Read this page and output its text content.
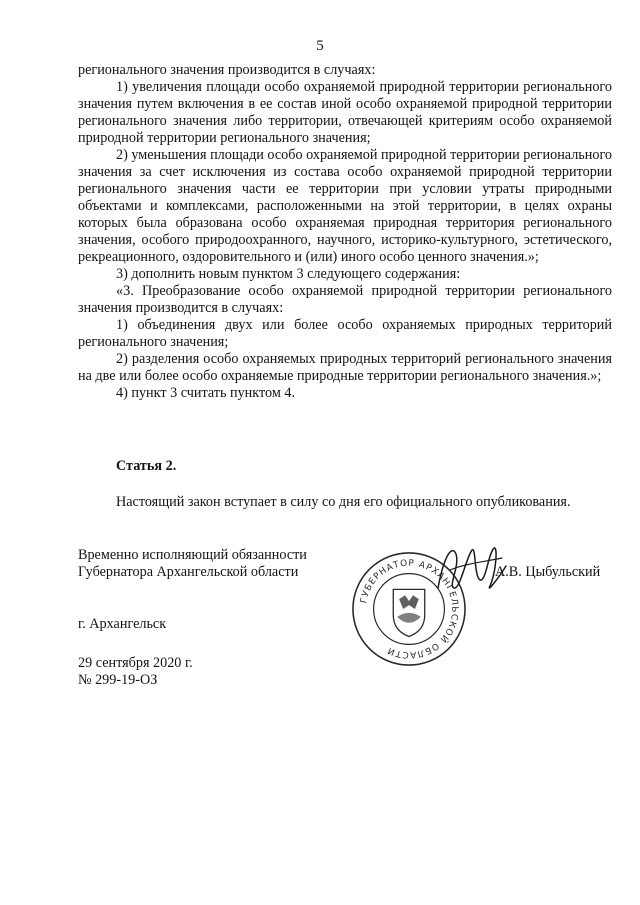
5

регионального значения производится в случаях:

1) увеличения площади особо охраняемой природной территории регионального значения путем включения в ее состав иной особо охраняемой природной территории регионального значения либо территории, отвечающей критериям особо охраняемой природной территории регионального значения;

2) уменьшения площади особо охраняемой природной территории регионального значения за счет исключения из состава особо охраняемой природной территории регионального значения части ее территории при условии утраты природными объектами и комплексами, расположенными на этой территории, в целях охраны которых была образована особо охраняемая природная территория регионального значения, особого природоохранного, научного, историко-культурного, эстетического, рекреационного, оздоровительного и (или) иного особо ценного значения.»;

3) дополнить новым пунктом 3 следующего содержания:

«3. Преобразование особо охраняемой природной территории регионального значения производится в случаях:

1) объединения двух или более особо охраняемых природных территорий регионального значения;

2) разделения особо охраняемых природных территорий регионального значения на две или более особо охраняемые природные территории регионального значения.»;

4) пункт 3 считать пунктом 4.

Статья 2.
Настоящий закон вступает в силу со дня его официального опубликования.
Временно исполняющий обязанности
Губернатора Архангельской области	А.В. Цыбульский
ГУБЕРНАТОР АРХАНГЕЛЬСКОЙ ОБЛАСТИ
г. Архангельск
29 сентября 2020 г.
№ 299-19-ОЗ
